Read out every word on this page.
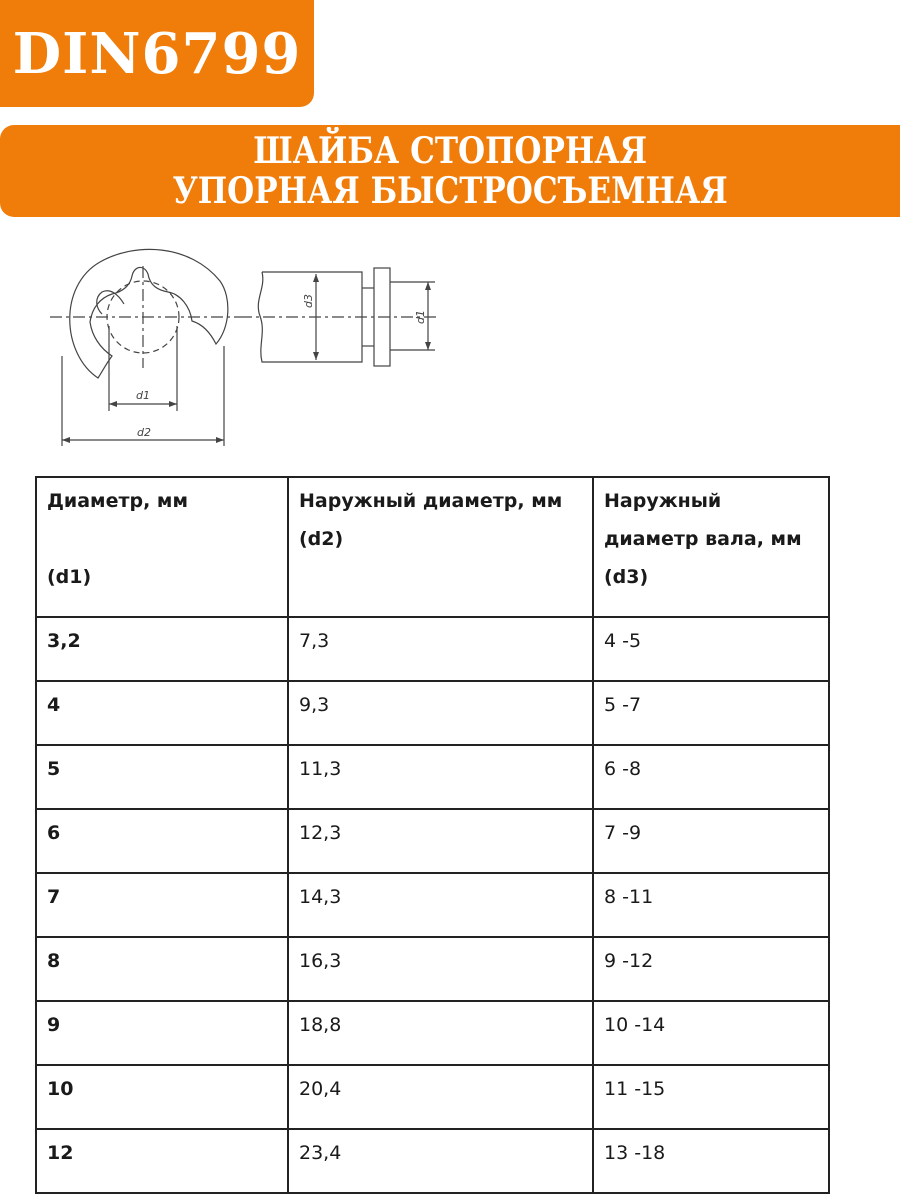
DIN6799
ШАЙБА СТОПОРНАЯ
УПОРНАЯ БЫСТРОСЪЕМНАЯ
d1
d2
d3
d1
Диаметр, мм

(d1)	Наружный диаметр, мм (d2)	Наружный диаметр вала, мм (d3)
3,2	7,3	4 -5
4	9,3	5 -7
5	11,3	6 -8
6	12,3	7 -9
7	14,3	8 -11
8	16,3	9 -12
9	18,8	10 -14
10	20,4	11 -15
12	23,4	13 -18
